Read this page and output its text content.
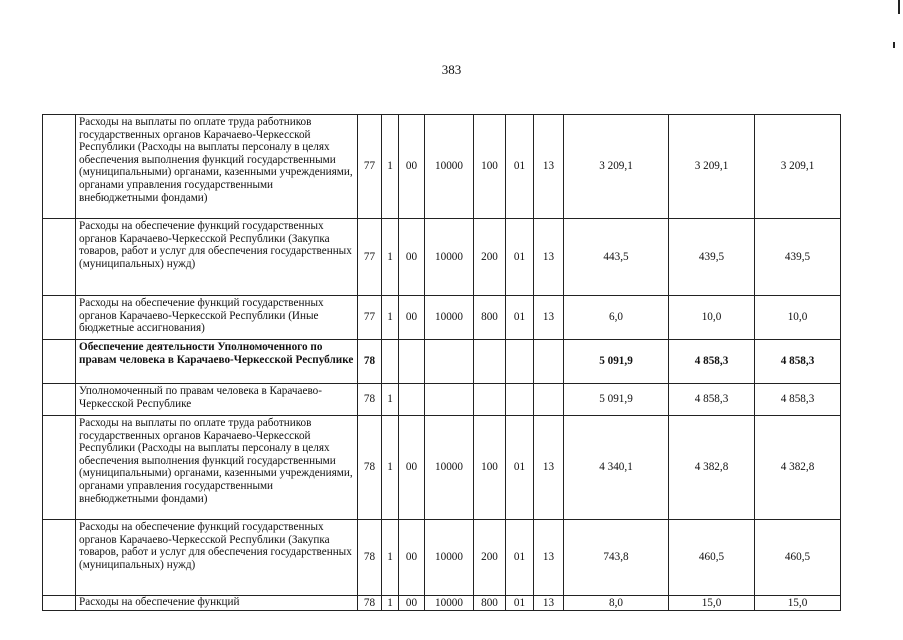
383
	Расходы на выплаты по оплате труда работников государственных органов Карачаево-Черкесской Республики (Расходы на выплаты персоналу в целях обеспечения выполнения функций государственными (муниципальными) органами, казенными учреждениями, органами управления государственными внебюджетными фондами)	77	1	00	10000	100	01	13	3 209,1	3 209,1	3 209,1
	Расходы на обеспечение функций государственных органов Карачаево-Черкесской Республики (Закупка товаров, работ и услуг для обеспечения государственных (муниципальных) нужд)	77	1	00	10000	200	01	13	443,5	439,5	439,5
	Расходы на обеспечение функций государственных органов Карачаево-Черкесской Республики (Иные бюджетные ассигнования)	77	1	00	10000	800	01	13	6,0	10,0	10,0
	Обеспечение деятельности Уполномоченного по правам человека в Карачаево-Черкесской Республике	78							5 091,9	4 858,3	4 858,3
	Уполномоченный по правам человека в Карачаево-Черкесской Республике	78	1						5 091,9	4 858,3	4 858,3
	Расходы на выплаты по оплате труда работников государственных органов Карачаево-Черкесской Республики (Расходы на выплаты персоналу в целях обеспечения выполнения функций государственными (муниципальными) органами, казенными учреждениями, органами управления государственными внебюджетными фондами)	78	1	00	10000	100	01	13	4 340,1	4 382,8	4 382,8
	Расходы на обеспечение функций государственных органов Карачаево-Черкесской Республики (Закупка товаров, работ и услуг для обеспечения государственных (муниципальных) нужд)	78	1	00	10000	200	01	13	743,8	460,5	460,5
	Расходы на обеспечение функций	78	1	00	10000	800	01	13	8,0	15,0	15,0
